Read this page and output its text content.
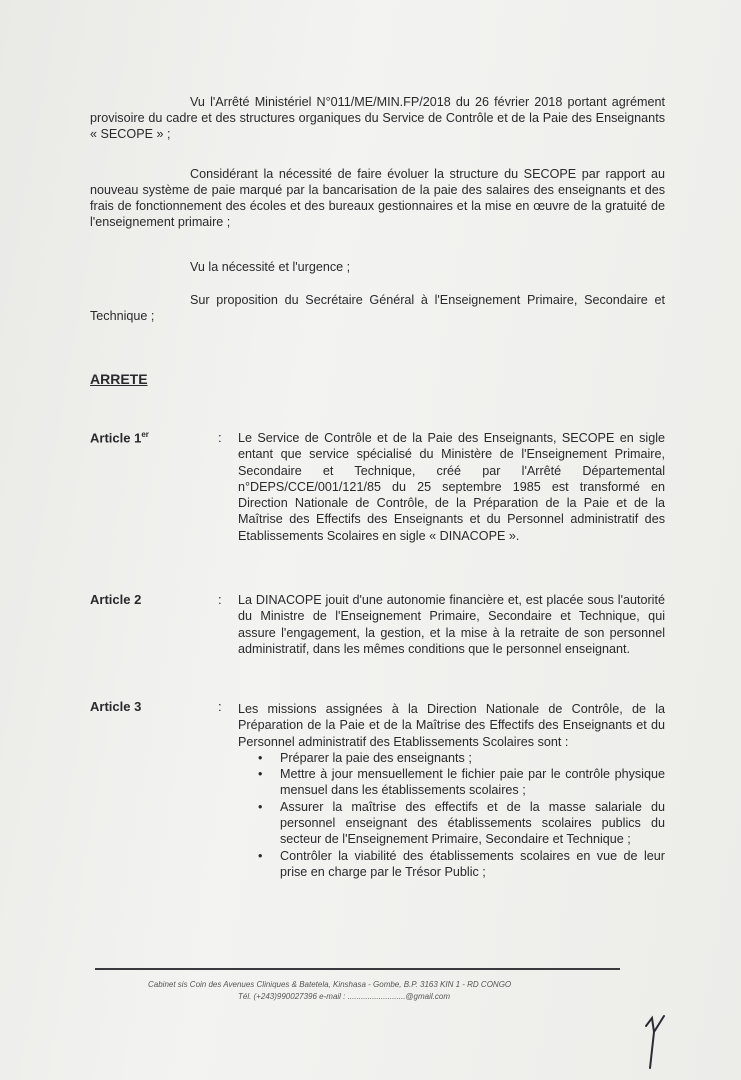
Vu l'Arrêté Ministériel N°011/ME/MIN.FP/2018 du 26 février 2018 portant agrément provisoire du cadre et des structures organiques du Service de Contrôle et de la Paie des Enseignants « SECOPE » ;
Considérant la nécessité de faire évoluer la structure du SECOPE par rapport au nouveau système de paie marqué par la bancarisation de la paie des salaires des enseignants et des frais de fonctionnement des écoles et des bureaux gestionnaires et la mise en œuvre de la gratuité de l'enseignement primaire ;
Vu la nécessité et l'urgence ;
Sur proposition du Secrétaire Général à l'Enseignement Primaire, Secondaire et Technique ;
ARRETE
Article 1er	: Le Service de Contrôle et de la Paie des Enseignants, SECOPE en sigle entant que service spécialisé du Ministère de l'Enseignement Primaire, Secondaire et Technique, créé par l'Arrêté Départemental n°DEPS/CCE/001/121/85 du 25 septembre 1985 est transformé en Direction Nationale de Contrôle, de la Préparation de la Paie et de la Maîtrise des Effectifs des Enseignants et du Personnel administratif des Etablissements Scolaires en sigle « DINACOPE ».
Article 2	: La DINACOPE jouit d'une autonomie financière et, est placée sous l'autorité du Ministre de l'Enseignement Primaire, Secondaire et Technique, qui assure l'engagement, la gestion, et la mise à la retraite de son personnel administratif, dans les mêmes conditions que le personnel enseignant.
Article 3	: Les missions assignées à la Direction Nationale de Contrôle, de la Préparation de la Paie et de la Maîtrise des Effectifs des Enseignants et du Personnel administratif des Etablissements Scolaires sont :
• Préparer la paie des enseignants ;
• Mettre à jour mensuellement le fichier paie par le contrôle physique mensuel dans les établissements scolaires ;
• Assurer la maîtrise des effectifs et de la masse salariale du personnel enseignant des établissements scolaires publics du secteur de l'Enseignement Primaire, Secondaire et Technique ;
• Contrôler la viabilité des établissements scolaires en vue de leur prise en charge par le Trésor Public ;
Cabinet sis Coin des Avenues Cliniques & Batetela, Kinshasa - Gombe, B.P. 3163 KIN 1 - RD CONGO
Tél. (+243)990027396 e-mail : ..........................@gmail.com
